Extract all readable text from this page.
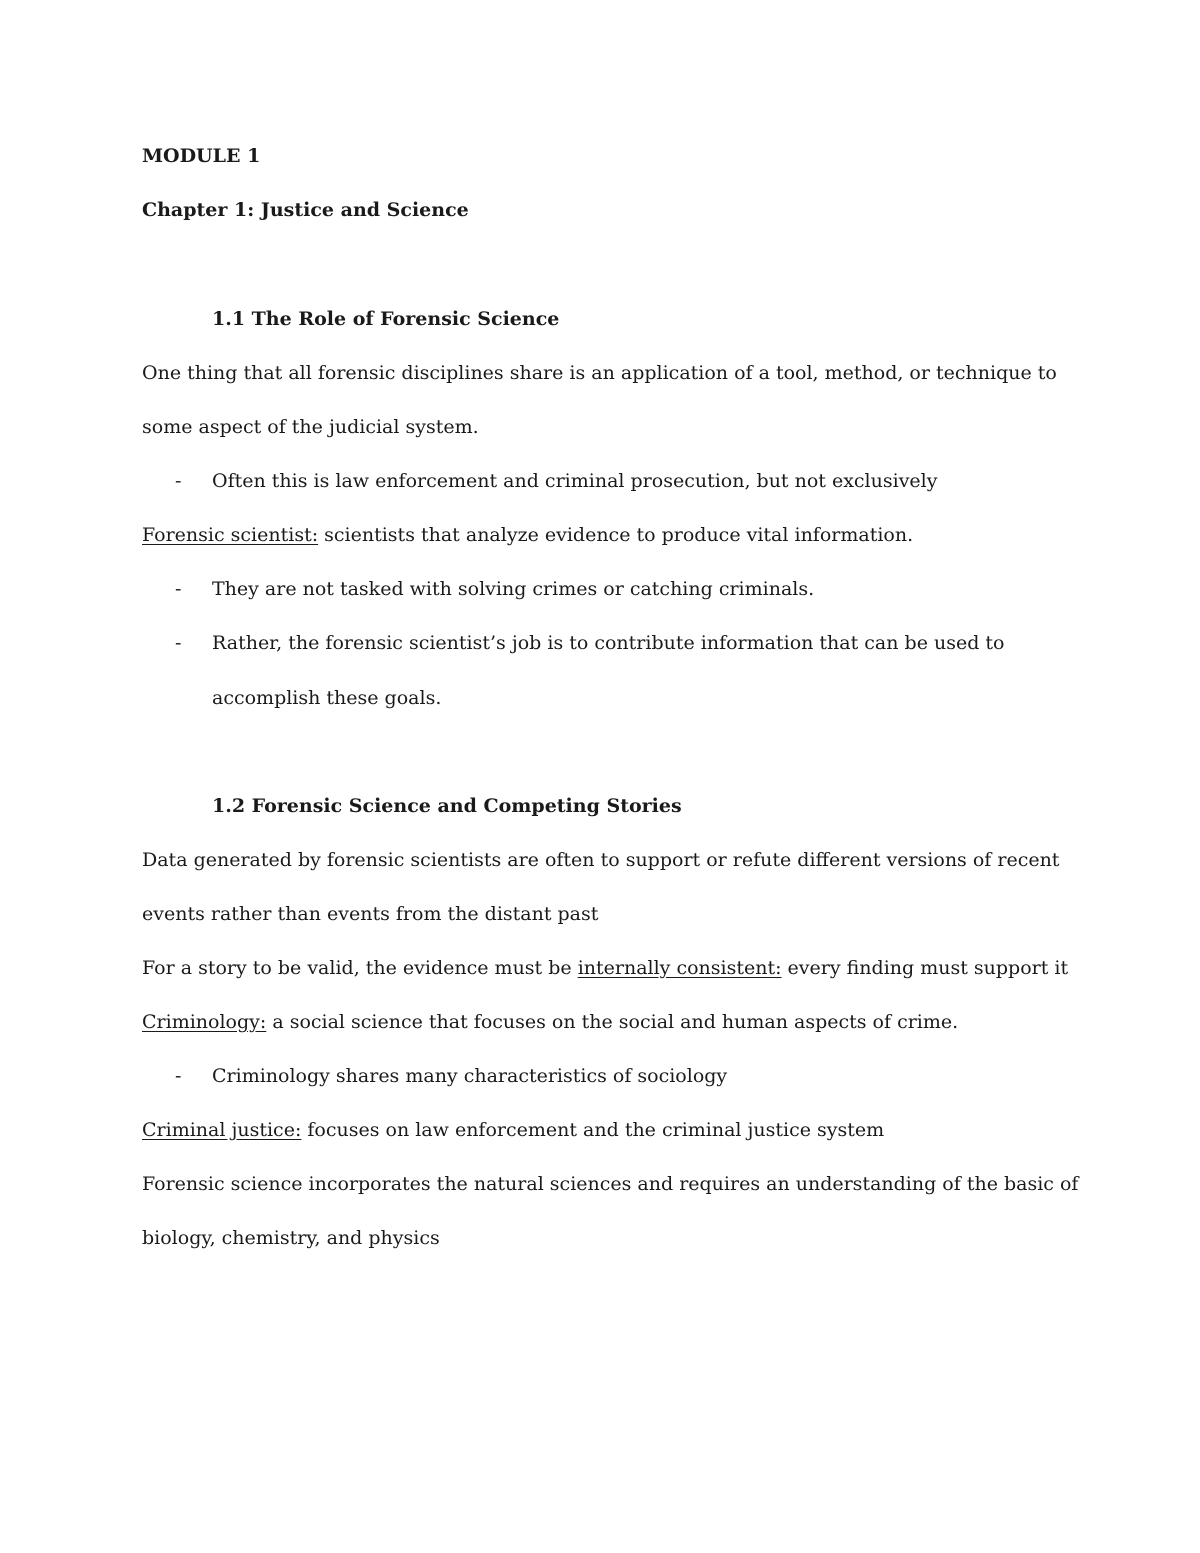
MODULE 1
Chapter 1: Justice and Science
1.1 The Role of Forensic Science
One thing that all forensic disciplines share is an application of a tool, method, or technique to
some aspect of the judicial system.
- Often this is law enforcement and criminal prosecution, but not exclusively
Forensic scientist: scientists that analyze evidence to produce vital information.
- They are not tasked with solving crimes or catching criminals.
- Rather, the forensic scientist’s job is to contribute information that can be used to
accomplish these goals.
1.2 Forensic Science and Competing Stories
Data generated by forensic scientists are often to support or refute different versions of recent
events rather than events from the distant past
For a story to be valid, the evidence must be internally consistent: every finding must support it
Criminology: a social science that focuses on the social and human aspects of crime.
- Criminology shares many characteristics of sociology
Criminal justice: focuses on law enforcement and the criminal justice system
Forensic science incorporates the natural sciences and requires an understanding of the basic of
biology, chemistry, and physics
